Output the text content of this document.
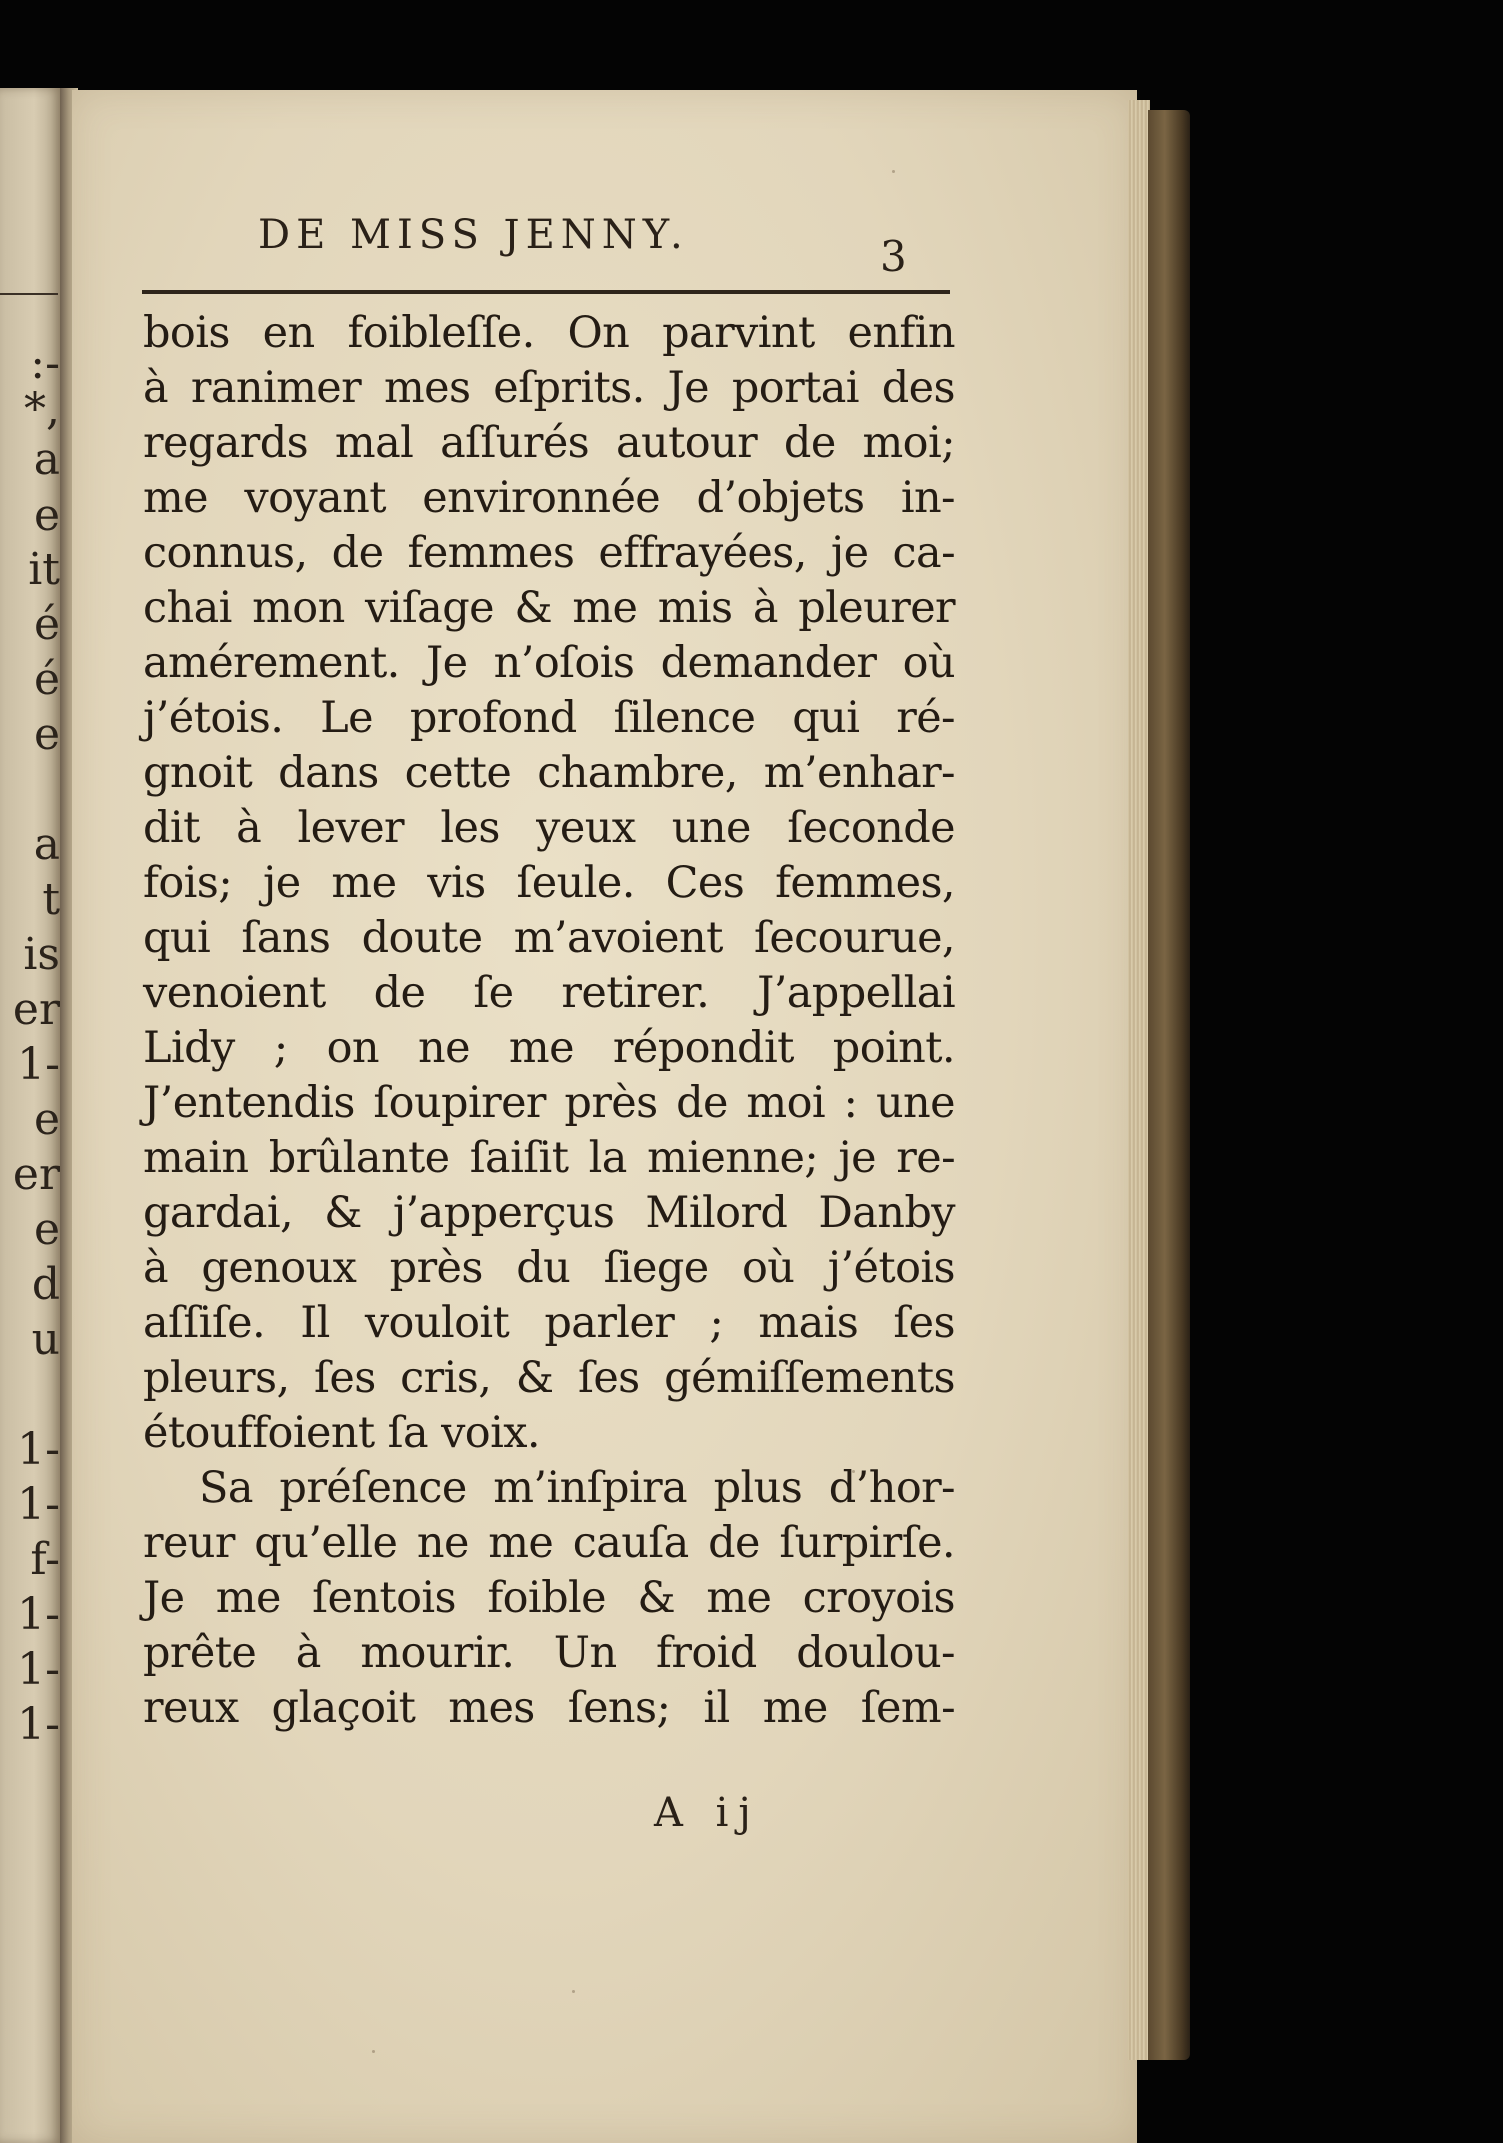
:-
*,
a
e
it
é
é
e
a
t
is
er
1-
e
er
e
d
u
1-
1-
f-
1-
1-
1-
DE MISS JENNY.	3
bois en foibleſſe. On parvint enfin
à ranimer mes eſprits. Je portai des
regards mal aſſurés autour de moi;
me voyant environnée d’objets in-
connus, de femmes effrayées, je ca-
chai mon viſage & me mis à pleurer
amérement. Je n’oſois demander où
j’étois. Le profond ſilence qui ré-
gnoit dans cette chambre, m’enhar-
dit à lever les yeux une ſeconde
fois; je me vis ſeule. Ces femmes,
qui ſans doute m’avoient ſecourue,
venoient de ſe retirer. J’appellai
Lidy ; on ne me répondit point.
J’entendis ſoupirer près de moi : une
main brûlante ſaiſit la mienne; je re-
gardai, & j’apperçus Milord Danby
à genoux près du ſiege où j’étois
aſſiſe. Il vouloit parler ; mais ſes
pleurs, ſes cris, & ſes gémiſſements
étouffoient ſa voix.
Sa préſence m’inſpira plus d’hor-
reur qu’elle ne me cauſa de ſurpirſe.
Je me ſentois foible & me croyois
prête à mourir. Un froid doulou-
reux glaçoit mes ſens; il me ſem-
A ij
